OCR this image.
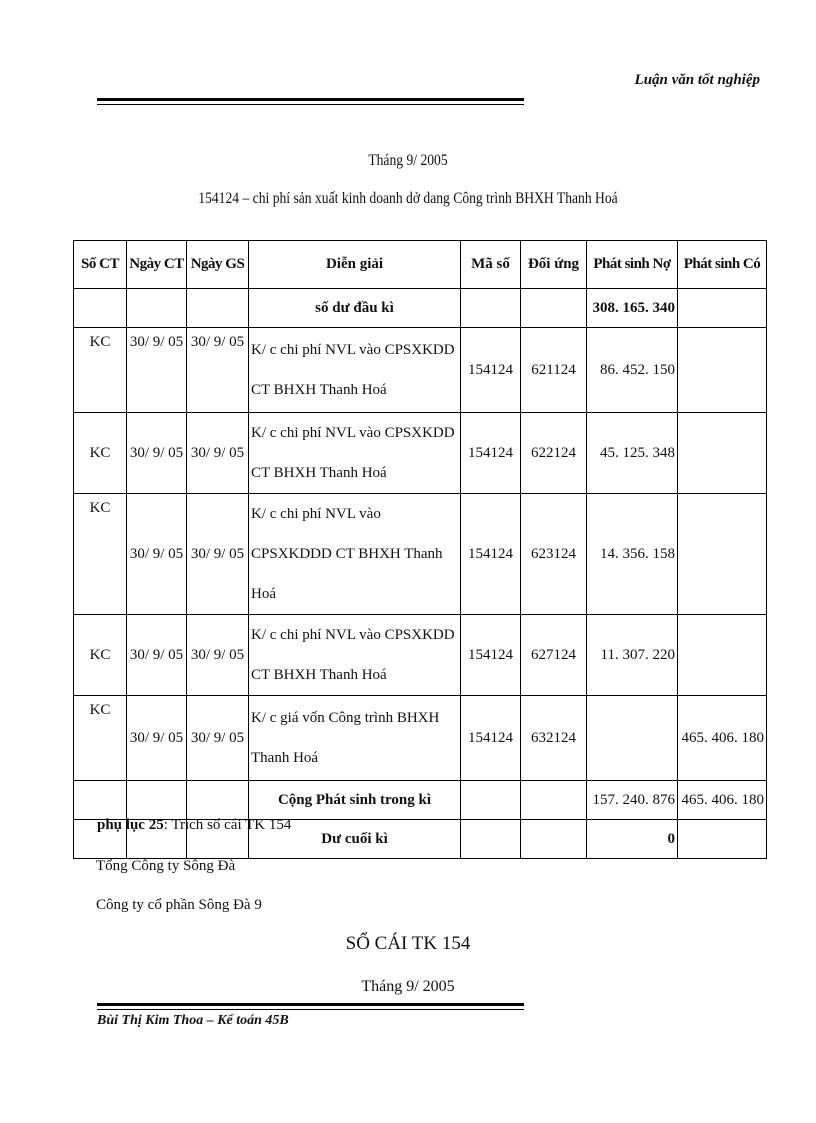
Luận văn tốt nghiệp
Tháng 9/ 2005
154124 – chi phí sản xuất kinh doanh dở dang Công trình BHXH Thanh Hoá
Số CT	Ngày CT	Ngày GS	Diễn giải	Mã số	Đối ứng	Phát sinh Nợ	Phát sinh Có
			số dư đầu kì			308. 165. 340	
KC	30/ 9/ 05	30/ 9/ 05	K/ c chi phí NVL vào CPSXKDD CT BHXH Thanh Hoá	154124	621124	86. 452. 150	
KC	30/ 9/ 05	30/ 9/ 05	K/ c chi phí NVL vào CPSXKDD CT BHXH Thanh Hoá	154124	622124	45. 125. 348	
KC	30/ 9/ 05	30/ 9/ 05	K/ c chi phí NVL vào CPSXKDDD CT BHXH Thanh Hoá	154124	623124	14. 356. 158	
KC	30/ 9/ 05	30/ 9/ 05	K/ c chi phí NVL vào CPSXKDD CT BHXH Thanh Hoá	154124	627124	11. 307. 220	
KC	30/ 9/ 05	30/ 9/ 05	K/ c giá vốn Công trình BHXH Thanh Hoá	154124	632124		465. 406. 180
			Cộng Phát sinh trong kì			157. 240. 876	465. 406. 180
			Dư cuối kì			0	
phụ lục 25: Trích sổ cái TK 154
Tổng Công ty Sông Đà
Công ty cổ phần Sông Đà 9
SỔ CÁI TK 154
Tháng 9/ 2005
Bùi Thị Kim Thoa – Kế toán 45B
